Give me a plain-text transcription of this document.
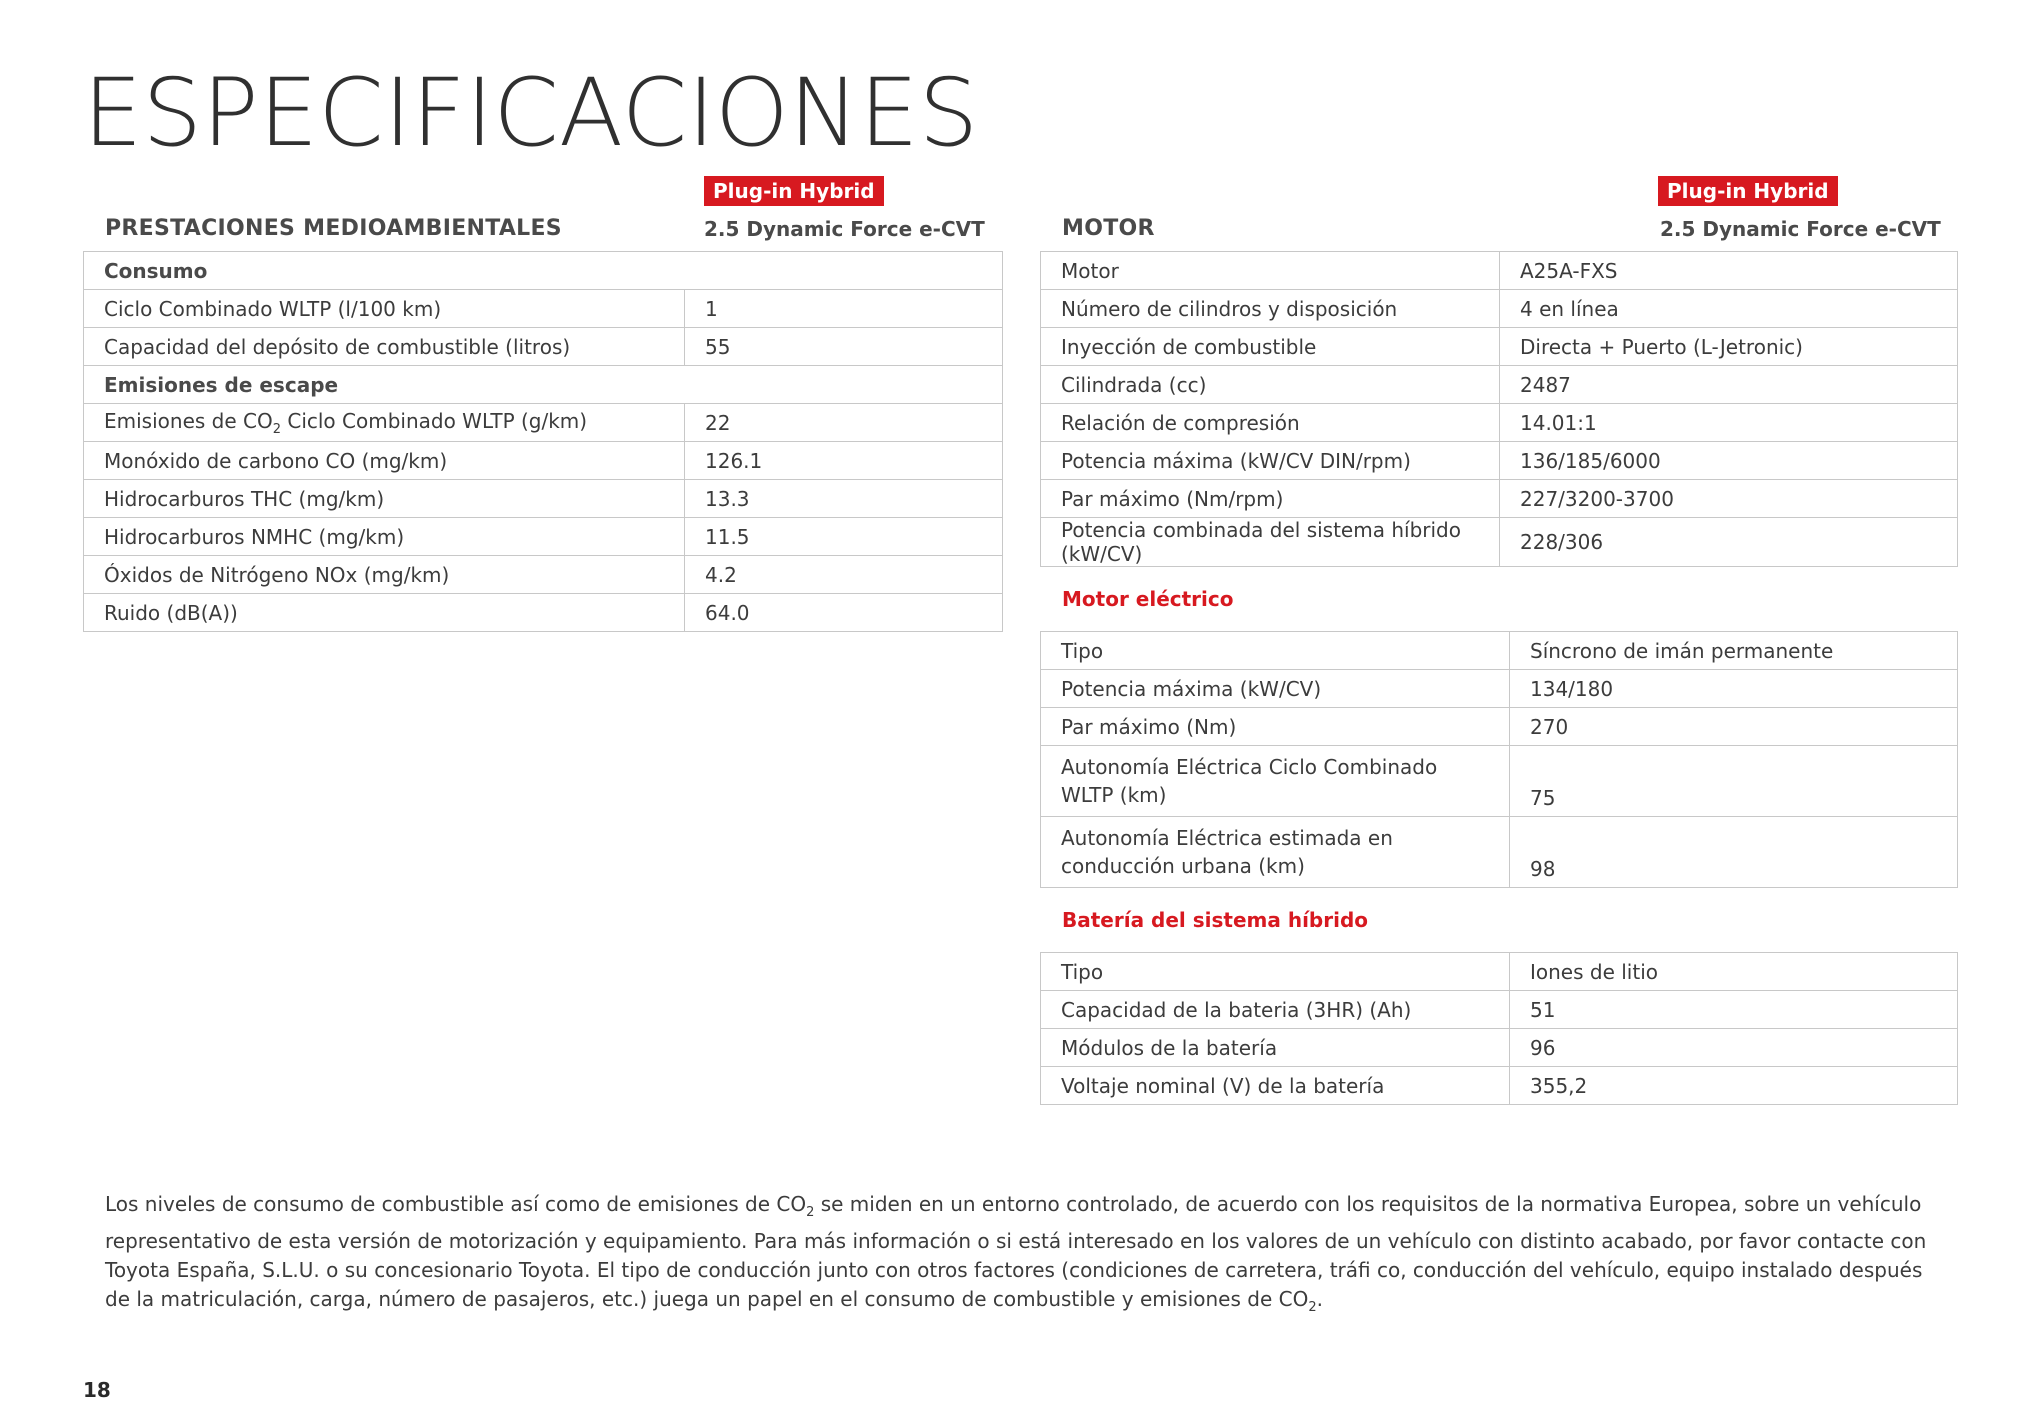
ESPECIFICACIONES
PRESTACIONES MEDIOAMBIENTALES
Plug-in Hybrid
2.5 Dynamic Force e-CVT
Consumo	
Ciclo Combinado WLTP (l/100 km)	1
Capacidad del depósito de combustible (litros)	55
Emisiones de escape	
Emisiones de $CO_2$ Ciclo Combinado WLTP (g/km)	22
Monóxido de carbono CO (mg/km)	126.1
Hidrocarburos THC (mg/km)	13.3
Hidrocarburos NMHC (mg/km)	11.5
Óxidos de Nitrógeno NOx (mg/km)	4.2
Ruido (dB(A))	64.0
MOTOR
Plug-in Hybrid
2.5 Dynamic Force e-CVT
Motor	A25A-FXS
Número de cilindros y disposición	4 en línea
Inyección de combustible	Directa + Puerto (L-Jetronic)
Cilindrada (cc)	2487
Relación de compresión	14.01:1
Potencia máxima (kW/CV DIN/rpm)	136/185/6000
Par máximo (Nm/rpm)	227/3200-3700
Potencia combinada del sistema híbrido (kW/CV)	228/306
Motor eléctrico
Tipo	Síncrono de imán permanente
Potencia máxima (kW/CV)	134/180
Par máximo (Nm)	270
Autonomía Eléctrica Ciclo Combinado
WLTP (km)	75
Autonomía Eléctrica estimada en
conducción urbana (km)	98
Batería del sistema híbrido
Tipo	Iones de litio
Capacidad de la bateria (3HR) (Ah)	51
Módulos de la batería	96
Voltaje nominal (V) de la batería	355,2

Los niveles de consumo de combustible así como de emisiones de $CO_2$ se miden en un entorno controlado, de acuerdo con los requisitos de la normativa Europea, sobre un vehículo representativo de esta versión de motorización y equipamiento. Para más información o si está interesado en los valores de un vehículo con distinto acabado, por favor contacte con Toyota España, S.L.U. o su concesionario Toyota. El tipo de conducción junto con otros factores (condiciones de carretera, tráfi co, conducción del vehículo, equipo instalado después de la matriculación, carga, número de pasajeros, etc.) juega un papel en el consumo de combustible y emisiones de $CO_2$.

18
